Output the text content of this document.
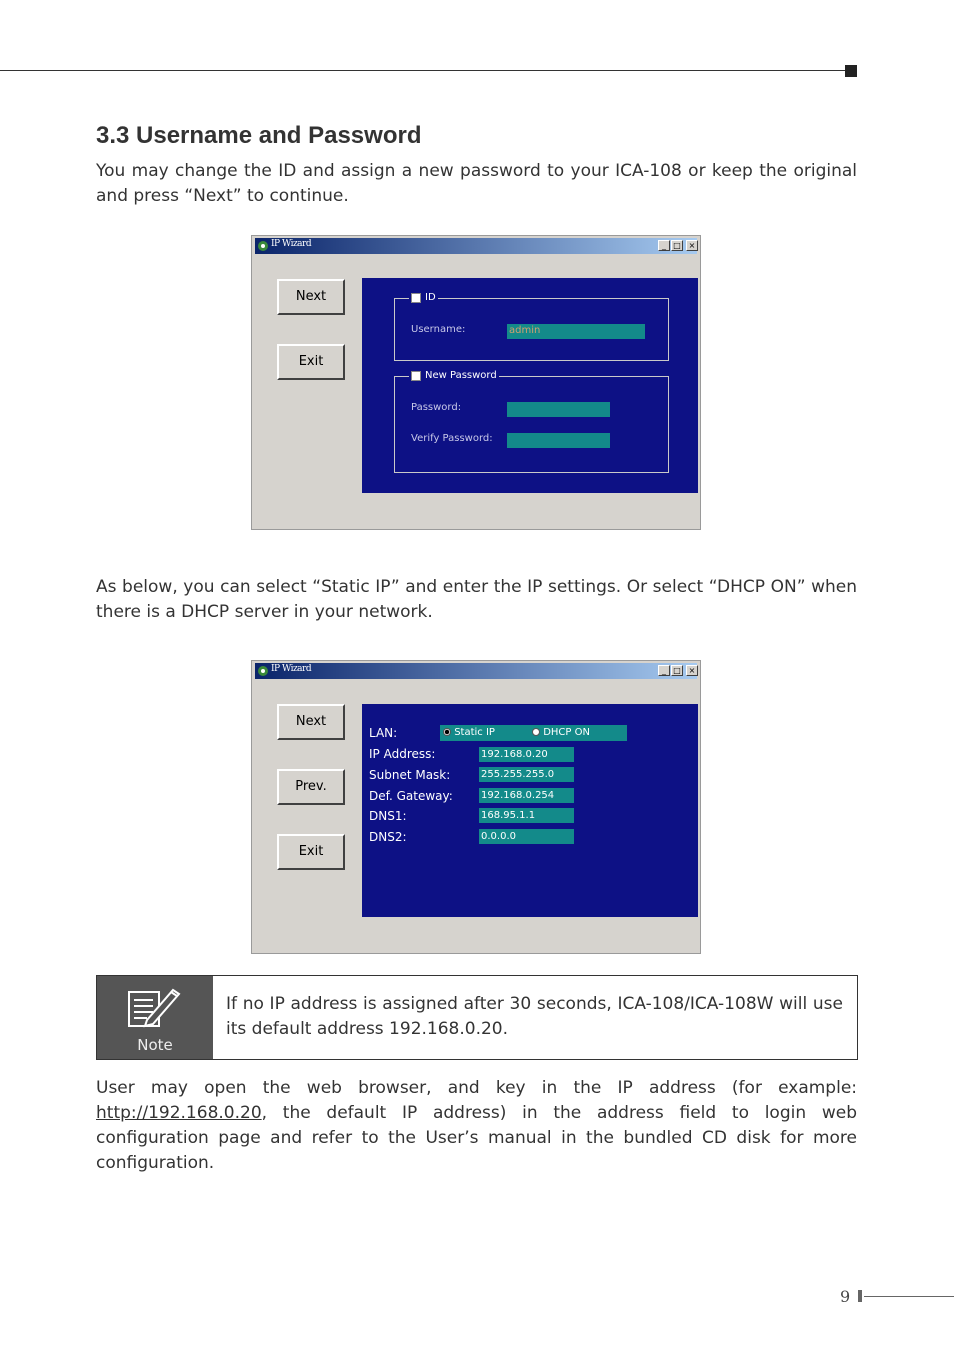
3.3 Username and Password
You may change the ID and assign a new password to your ICA-108 or keep the original and press “Next” to continue.
IP Wizard	_ □ ×
Next
Exit
ID
Username:	admin
New Password
Password:
Verify Password:
As below, you can select “Static IP” and enter the IP settings. Or select “DHCP ON” when there is a DHCP server in your network.
IP Wizard	_ □ ×
Next
Prev.
Exit
LAN:	Static IP	DHCP ON
IP Address:	192.168.0.20
Subnet Mask:	255.255.255.0
Def. Gateway:	192.168.0.254
DNS1:	168.95.1.1
DNS2:	0.0.0.0
Note
If no IP address is assigned after 30 seconds, ICA-108/ICA-108W will use its default address 192.168.0.20.
User may open the web browser, and key in the IP address (for example: http://192.168.0.20, the default IP address) in the address field to login web configuration page and refer to the User’s manual in the bundled CD disk for more configuration.
9
